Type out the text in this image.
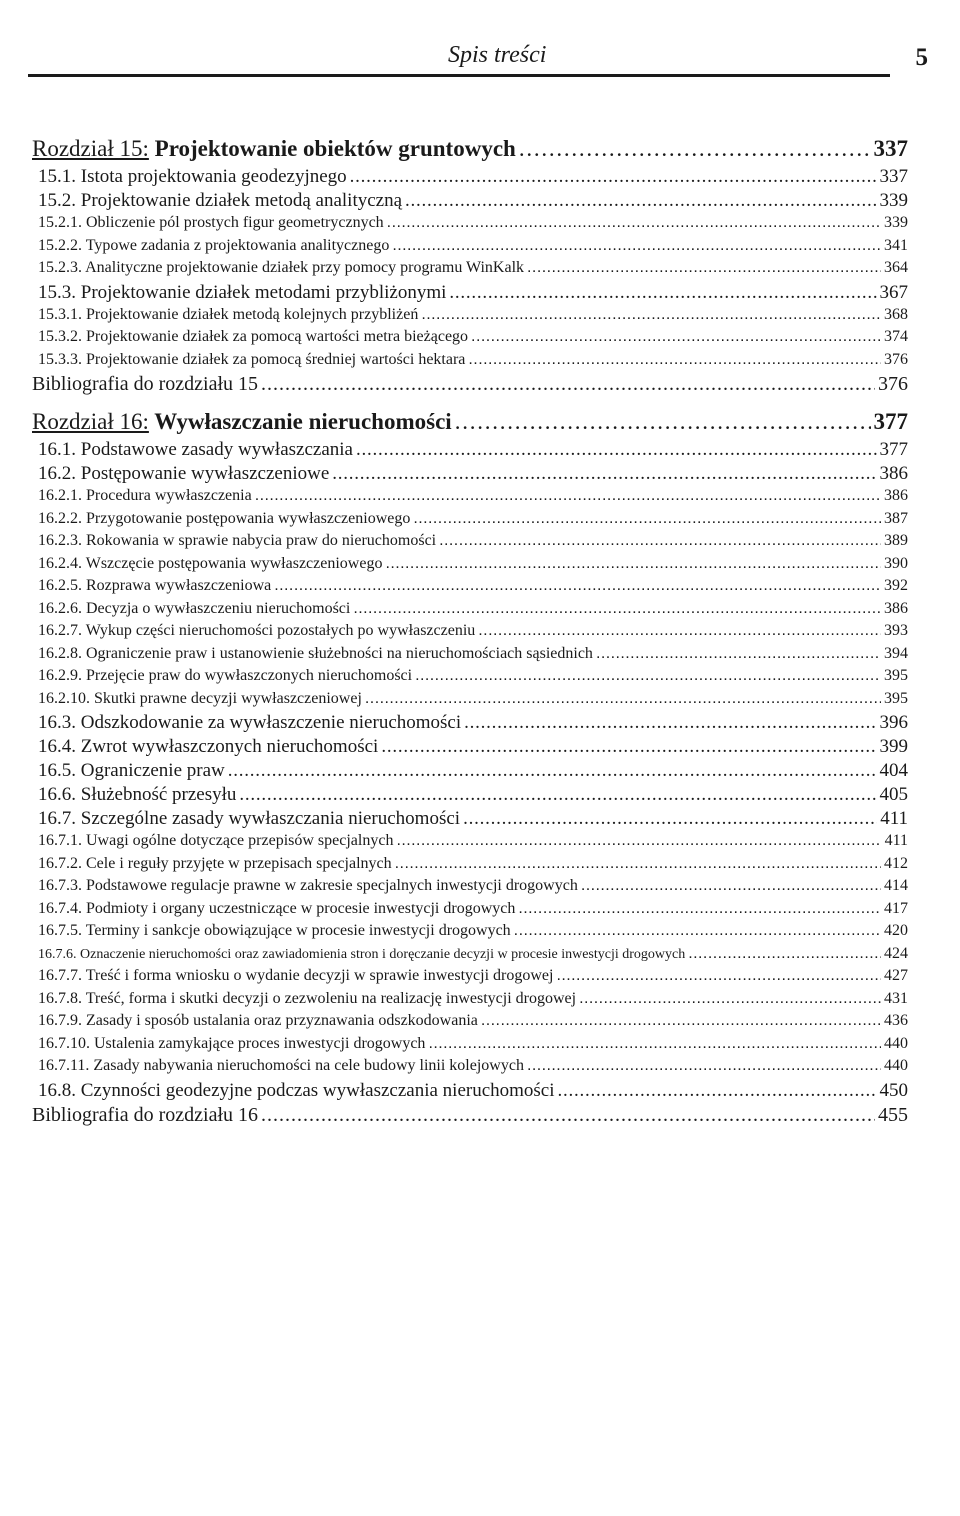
Spis treści	5
Rozdział 15: Projektowanie obiektów gruntowych . . .	337
15.1. Istota projektowania geodezyjnego . . .	337
15.2. Projektowanie działek metodą analityczną . . .	339
15.2.1. Obliczenie pól prostych figur geometrycznych . . .	339
15.2.2. Typowe zadania z projektowania analitycznego . . .	341
15.2.3. Analityczne projektowanie działek przy pomocy programu WinKalk . . .	364
15.3. Projektowanie działek metodami przybliżonymi . . .	367
15.3.1. Projektowanie działek metodą kolejnych przybliżeń . . .	368
15.3.2. Projektowanie działek za pomocą wartości metra bieżącego . . .	374
15.3.3. Projektowanie działek za pomocą średniej wartości hektara . . .	376
Bibliografia do rozdziału 15 . . .	376
Rozdział 16: Wywłaszczanie nieruchomości . . .	377
16.1. Podstawowe zasady wywłaszczania . . .	377
16.2. Postępowanie wywłaszczeniowe . . .	386
16.2.1. Procedura wywłaszczenia . . .	386
16.2.2. Przygotowanie postępowania wywłaszczeniowego . . .	387
16.2.3. Rokowania w sprawie nabycia praw do nieruchomości . . .	389
16.2.4. Wszczęcie postępowania wywłaszczeniowego . . .	390
16.2.5. Rozprawa wywłaszczeniowa . . .	392
16.2.6. Decyzja o wywłaszczeniu nieruchomości . . .	386
16.2.7. Wykup części nieruchomości pozostałych po wywłaszczeniu . . .	393
16.2.8. Ograniczenie praw i ustanowienie służebności na nieruchomościach sąsiednich . . .	394
16.2.9. Przejęcie praw do wywłaszczonych nieruchomości . . .	395
16.2.10. Skutki prawne decyzji wywłaszczeniowej . . .	395
16.3. Odszkodowanie za wywłaszczenie nieruchomości . . .	396
16.4. Zwrot wywłaszczonych nieruchomości . . .	399
16.5. Ograniczenie praw . . .	404
16.6. Służebność przesyłu . . .	405
16.7. Szczególne zasady wywłaszczania nieruchomości . . .	411
16.7.1. Uwagi ogólne dotyczące przepisów specjalnych . . .	411
16.7.2. Cele i reguły przyjęte w przepisach specjalnych . . .	412
16.7.3. Podstawowe regulacje prawne w zakresie specjalnych inwestycji drogowych . . .	414
16.7.4. Podmioty i organy uczestniczące w procesie inwestycji drogowych . . .	417
16.7.5. Terminy i sankcje obowiązujące w procesie inwestycji drogowych . . .	420
16.7.6. Oznaczenie nieruchomości oraz zawiadomienia stron i doręczanie decyzji w procesie inwestycji drogowych . . .	424
16.7.7. Treść i forma wniosku o wydanie decyzji w sprawie inwestycji drogowej . . .	427
16.7.8. Treść, forma i skutki decyzji o zezwoleniu na realizację inwestycji drogowej . . .	431
16.7.9. Zasady i sposób ustalania oraz przyznawania odszkodowania . . .	436
16.7.10. Ustalenia zamykające proces inwestycji drogowych . . .	440
16.7.11. Zasady nabywania nieruchomości na cele budowy linii kolejowych . . .	440
16.8. Czynności geodezyjne podczas wywłaszczania nieruchomości . . .	450
Bibliografia do rozdziału 16 . . .	455
